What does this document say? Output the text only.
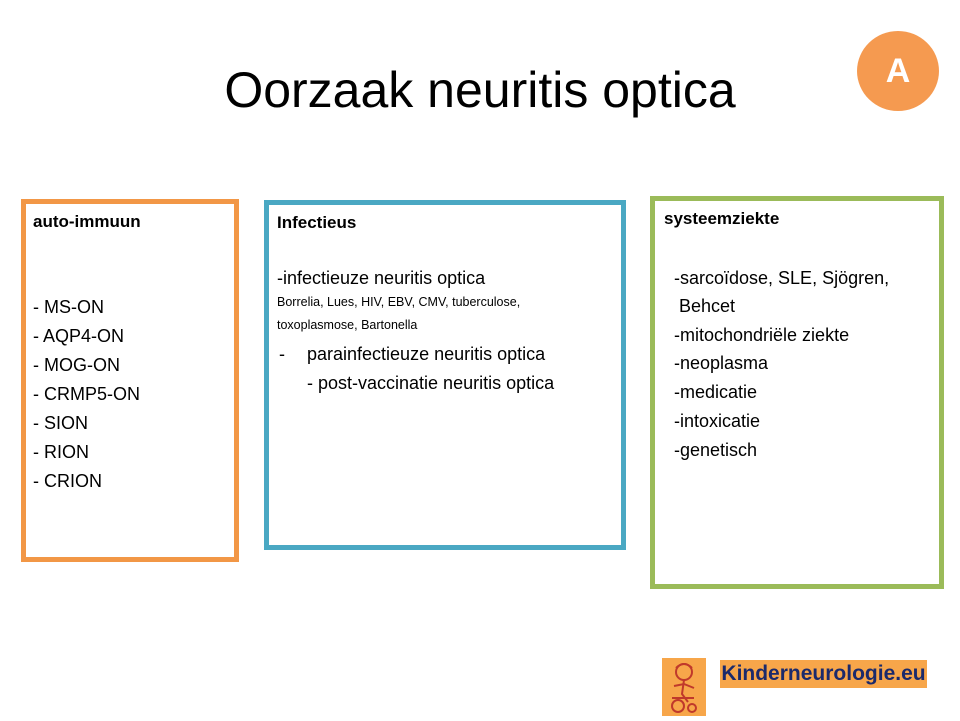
Oorzaak neuritis optica	A
auto-immuun
- MS-ON
- AQP4-ON
- MOG-ON
- CRMP5-ON
- SION
- RION
- CRION
Infectieus
-infectieuze neuritis optica
Borrelia, Lues, HIV, EBV, CMV, tuberculose,
toxoplasmose, Bartonella
- parainfectieuze neuritis optica
- post-vaccinatie neuritis optica
systeemziekte
-sarcoïdose, SLE, Sjögren,
Behcet
-mitochondriële ziekte
-neoplasma
-medicatie
-intoxicatie
-genetisch
Kinderneurologie.eu
